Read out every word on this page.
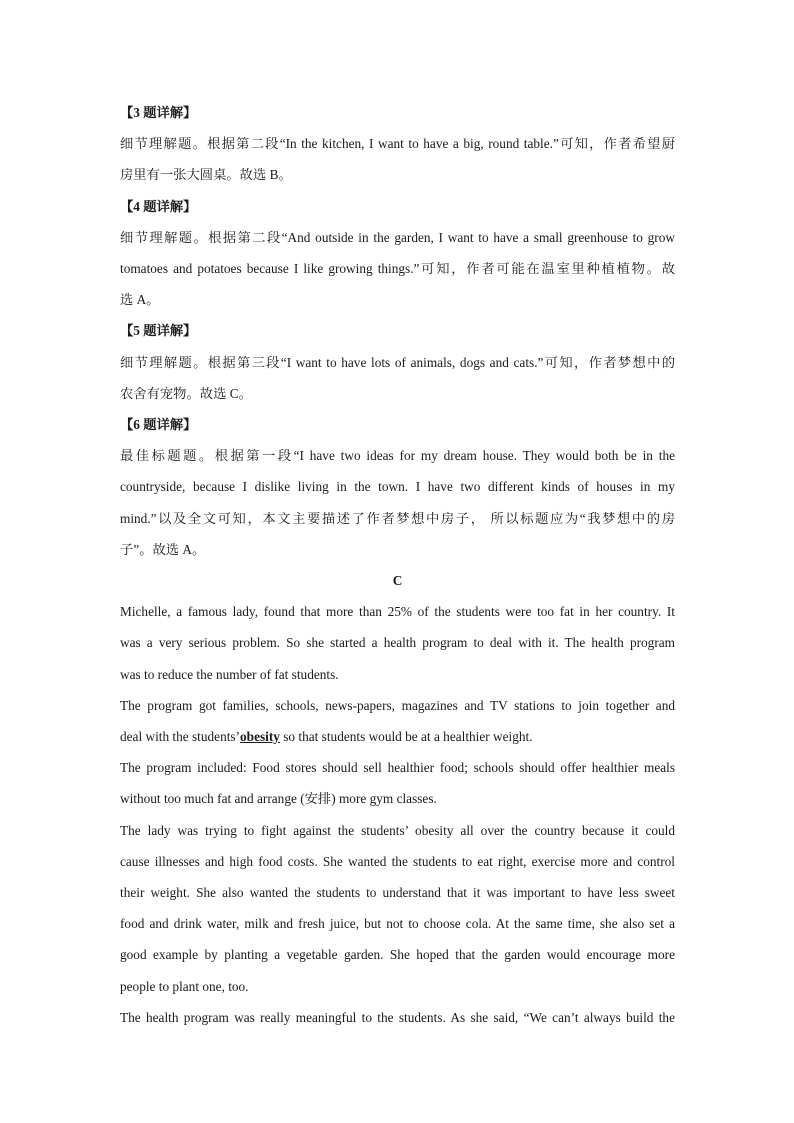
【3 题详解】
细节理解题。根据第二段“In the kitchen, I want to have a big, round table.”可知，作者希望厨
房里有一张大圆桌。故选 B。
【4 题详解】
细节理解题。根据第二段“And outside in the garden, I want to have a small greenhouse to grow
tomatoes and potatoes because I like growing things.”可知，作者可能在温室里种植植物。故
选 A。
【5 题详解】
细节理解题。根据第三段“I want to have lots of animals, dogs and cats.”可知，作者梦想中的
农舍有宠物。故选 C。
【6 题详解】
最佳标题题。根据第一段“I have two ideas for my dream house. They would both be in the
countryside, because I dislike living in the town. I have two different kinds of houses in my
mind.”以及全文可知，本文主要描述了作者梦想中房子， 所以标题应为“我梦想中的房
子”。故选 A。
C
Michelle, a famous lady, found that more than 25% of the students were too fat in her country. It
was a very serious problem. So she started a health program to deal with it. The health program
was to reduce the number of fat students.
The program got families, schools, news-papers, magazines and TV stations to join together and
deal with the students’obesity so that students would be at a healthier weight.
The program included: Food stores should sell healthier food; schools should offer healthier meals
without too much fat and arrange (安排) more gym classes.
The lady was trying to fight against the students’ obesity all over the country because it could
cause illnesses and high food costs. She wanted the students to eat right, exercise more and control
their weight. She also wanted the students to understand that it was important to have less sweet
food and drink water, milk and fresh juice, but not to choose cola. At the same time, she also set a
good example by planting a vegetable garden. She hoped that the garden would encourage more
people to plant one, too.
The health program was really meaningful to the students. As she said, “We can’t always build the
